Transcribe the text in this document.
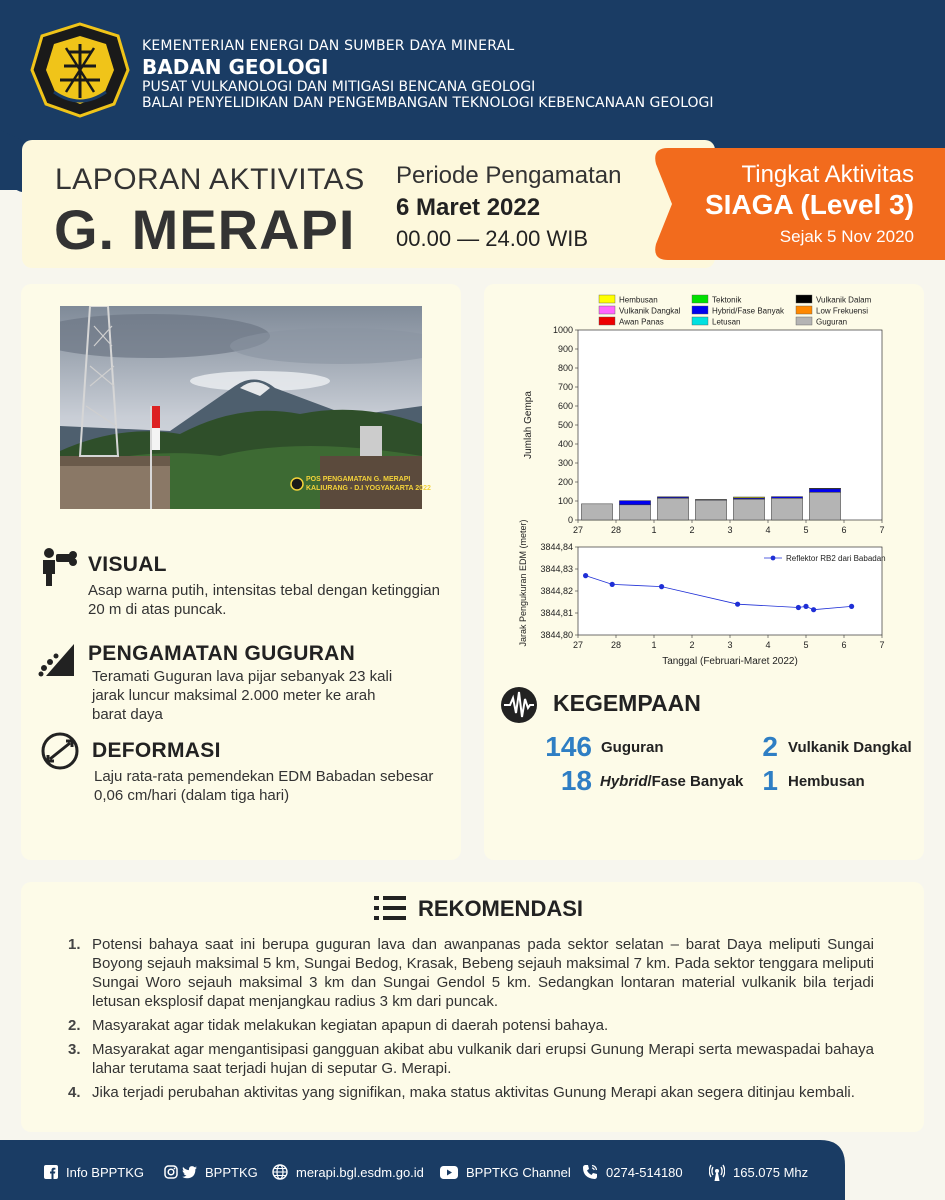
KEMENTERIAN ENERGI DAN SUMBER DAYA MINERAL
BADAN GEOLOGI
PUSAT VULKANOLOGI DAN MITIGASI BENCANA GEOLOGI
BALAI PENYELIDIKAN DAN PENGEMBANGAN TEKNOLOGI KEBENCANAAN GEOLOGI
LAPORAN AKTIVITAS
G. MERAPI
Periode Pengamatan
6 Maret 2022
00.00 — 24.00 WIB
Tingkat Aktivitas
SIAGA (Level 3)
Sejak 5 Nov 2020
POS PENGAMATAN G. MERAPI
KALIURANG - D.I YOGYAKARTA 2022
VISUAL
Asap warna putih, intensitas tebal dengan ketinggian 20 m di atas puncak.
PENGAMATAN GUGURAN
Teramati Guguran lava pijar sebanyak 23 kali jarak luncur maksimal 2.000 meter ke arah barat daya
DEFORMASI
Laju rata-rata pemendekan EDM Babadan sebesar 0,06 cm/hari (dalam tiga hari)
Hembusan	Tektonik	Vulkanik Dalam
Vulkanik Dangkal	Hybrid/Fase Banyak	Low Frekuensi
Awan Panas	Letusan	Guguran
0
100
200
300
400
500
600
700
800
900
1000
27	28	1	2	3	4	5	6	7
Jumlah Gempa
3844,80
3844,81
3844,82
3844,83
3844,84
27	28	1	2	3	4	5	6	7
Jarak Pengukuran EDM (meter)
Tanggal (Februari-Maret 2022)
Reflektor RB2 dari Babadan
KEGEMPAAN
146 Guguran	2 Vulkanik Dangkal
18 Hybrid/Fase Banyak 1 Hembusan
REKOMENDASI
1. Potensi bahaya saat ini berupa guguran lava dan awanpanas pada sektor selatan – barat Daya meliputi Sungai Boyong sejauh maksimal 5 km, Sungai Bedog, Krasak, Bebeng sejauh maksimal 7 km. Pada sektor tenggara meliputi Sungai Woro sejauh maksimal 3 km dan Sungai Gendol 5 km. Sedangkan lontaran material vulkanik bila terjadi letusan eksplosif dapat menjangkau radius 3 km dari puncak.
2. Masyarakat agar tidak melakukan kegiatan apapun di daerah potensi bahaya.
3. Masyarakat agar mengantisipasi gangguan akibat abu vulkanik dari erupsi Gunung Merapi serta mewaspadai bahaya lahar terutama saat terjadi hujan di seputar G. Merapi.
4. Jika terjadi perubahan aktivitas yang signifikan, maka status aktivitas Gunung Merapi akan segera ditinjau kembali.
Info BPPTKG	BPPTKG	merapi.bgl.esdm.go.id	BPPTKG Channel	0274-514180	165.075 Mhz
